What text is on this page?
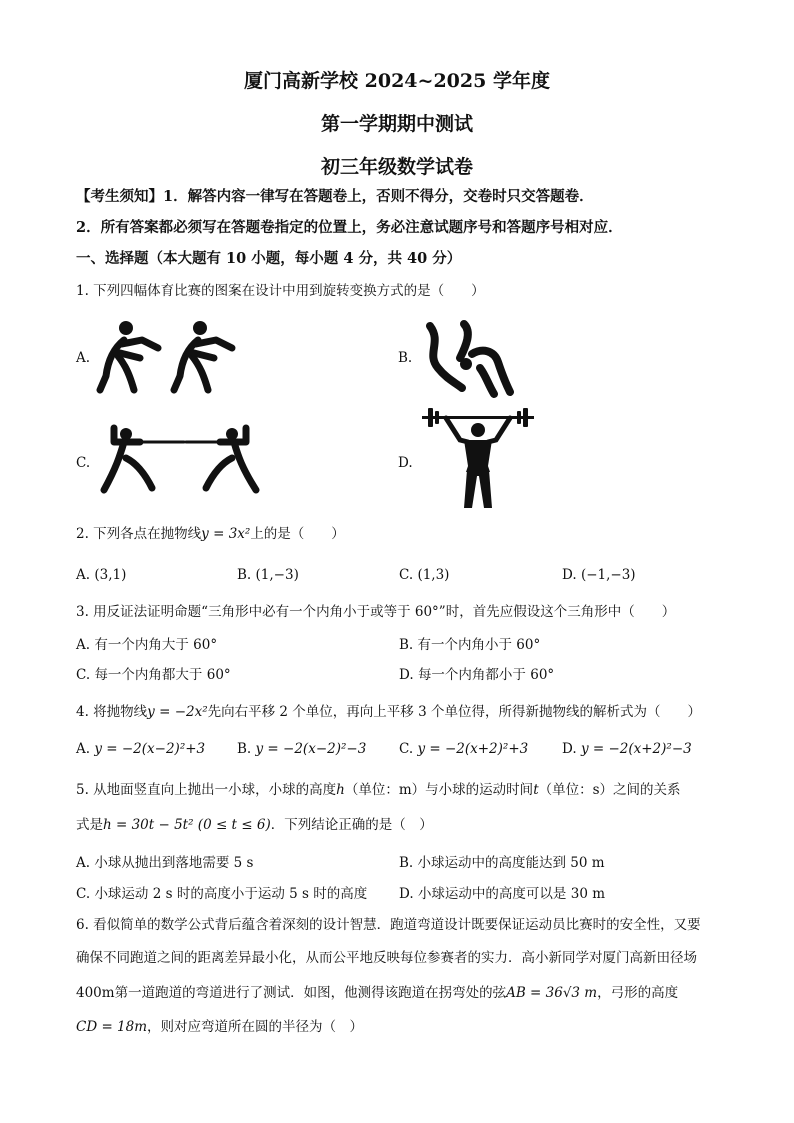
厦门高新学校 2024~2025 学年度
第一学期期中测试
初三年级数学试卷
【考生须知】1．解答内容一律写在答题卷上，否则不得分，交卷时只交答题卷．
2．所有答案都必须写在答题卷指定的位置上，务必注意试题序号和答题序号相对应．
一、选择题（本大题有 10 小题，每小题 4 分，共 40 分）
1. 下列四幅体育比赛的图案在设计中用到旋转变换方式的是（　　）
A.	B.
C.	D.
2. 下列各点在抛物线y = 3x²上的是（　　）
A. (3,1)	B. (1,−3)	C. (1,3)	D. (−1,−3)
3. 用反证法证明命题“三角形中必有一个内角小于或等于 60°”时，首先应假设这个三角形中（　　）
A. 有一个内角大于 60°	B. 有一个内角小于 60°
C. 每一个内角都大于 60°	D. 每一个内角都小于 60°
4. 将抛物线y = −2x²先向右平移 2 个单位，再向上平移 3 个单位得，所得新抛物线的解析式为（　　）
A. y = −2(x−2)²+3 B. y = −2(x−2)²−3 C. y = −2(x+2)²+3	D. y = −2(x+2)²−3
5. 从地面竖直向上抛出一小球，小球的高度h（单位：m）与小球的运动时间t（单位：s）之间的关系
式是h = 30t − 5t² (0 ≤ t ≤ 6)．下列结论正确的是（　）
A. 小球从抛出到落地需要 5 s	B. 小球运动中的高度能达到 50 m
C. 小球运动 2 s 时的高度小于运动 5 s 时的高度 D. 小球运动中的高度可以是 30 m
6. 看似简单的数学公式背后蕴含着深刻的设计智慧．跑道弯道设计既要保证运动员比赛时的安全性，又要
确保不同跑道之间的距离差异最小化，从而公平地反映每位参赛者的实力．高小新同学对厦门高新田径场
400m第一道跑道的弯道进行了测试．如图，他测得该跑道在拐弯处的弦AB = 36√3 m，弓形的高度
CD = 18m，则对应弯道所在圆的半径为（　）
